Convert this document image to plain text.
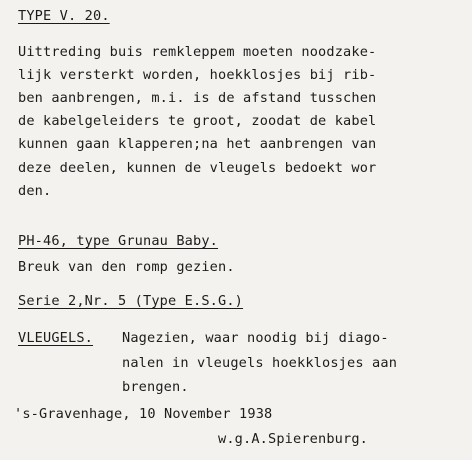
TYPE V. 20.
Uittreding buis remkleppem moeten noodzake-
lijk versterkt worden, hoekklosjes bij rib-
ben aanbrengen, m.i. is de afstand tusschen
de kabelgeleiders te groot, zoodat de kabel
kunnen gaan klapperen;na het aanbrengen van
deze deelen, kunnen de vleugels bedoekt wor
den.
PH-46, type Grunau Baby.
Breuk van den romp gezien.
Serie 2,Nr. 5 (Type E.S.G.)
VLEUGELS. Nagezien, waar noodig bij diago-
nalen in vleugels hoekklosjes aan
brengen.
's-Gravenhage, 10 November 1938
w.g.A.Spierenburg.
